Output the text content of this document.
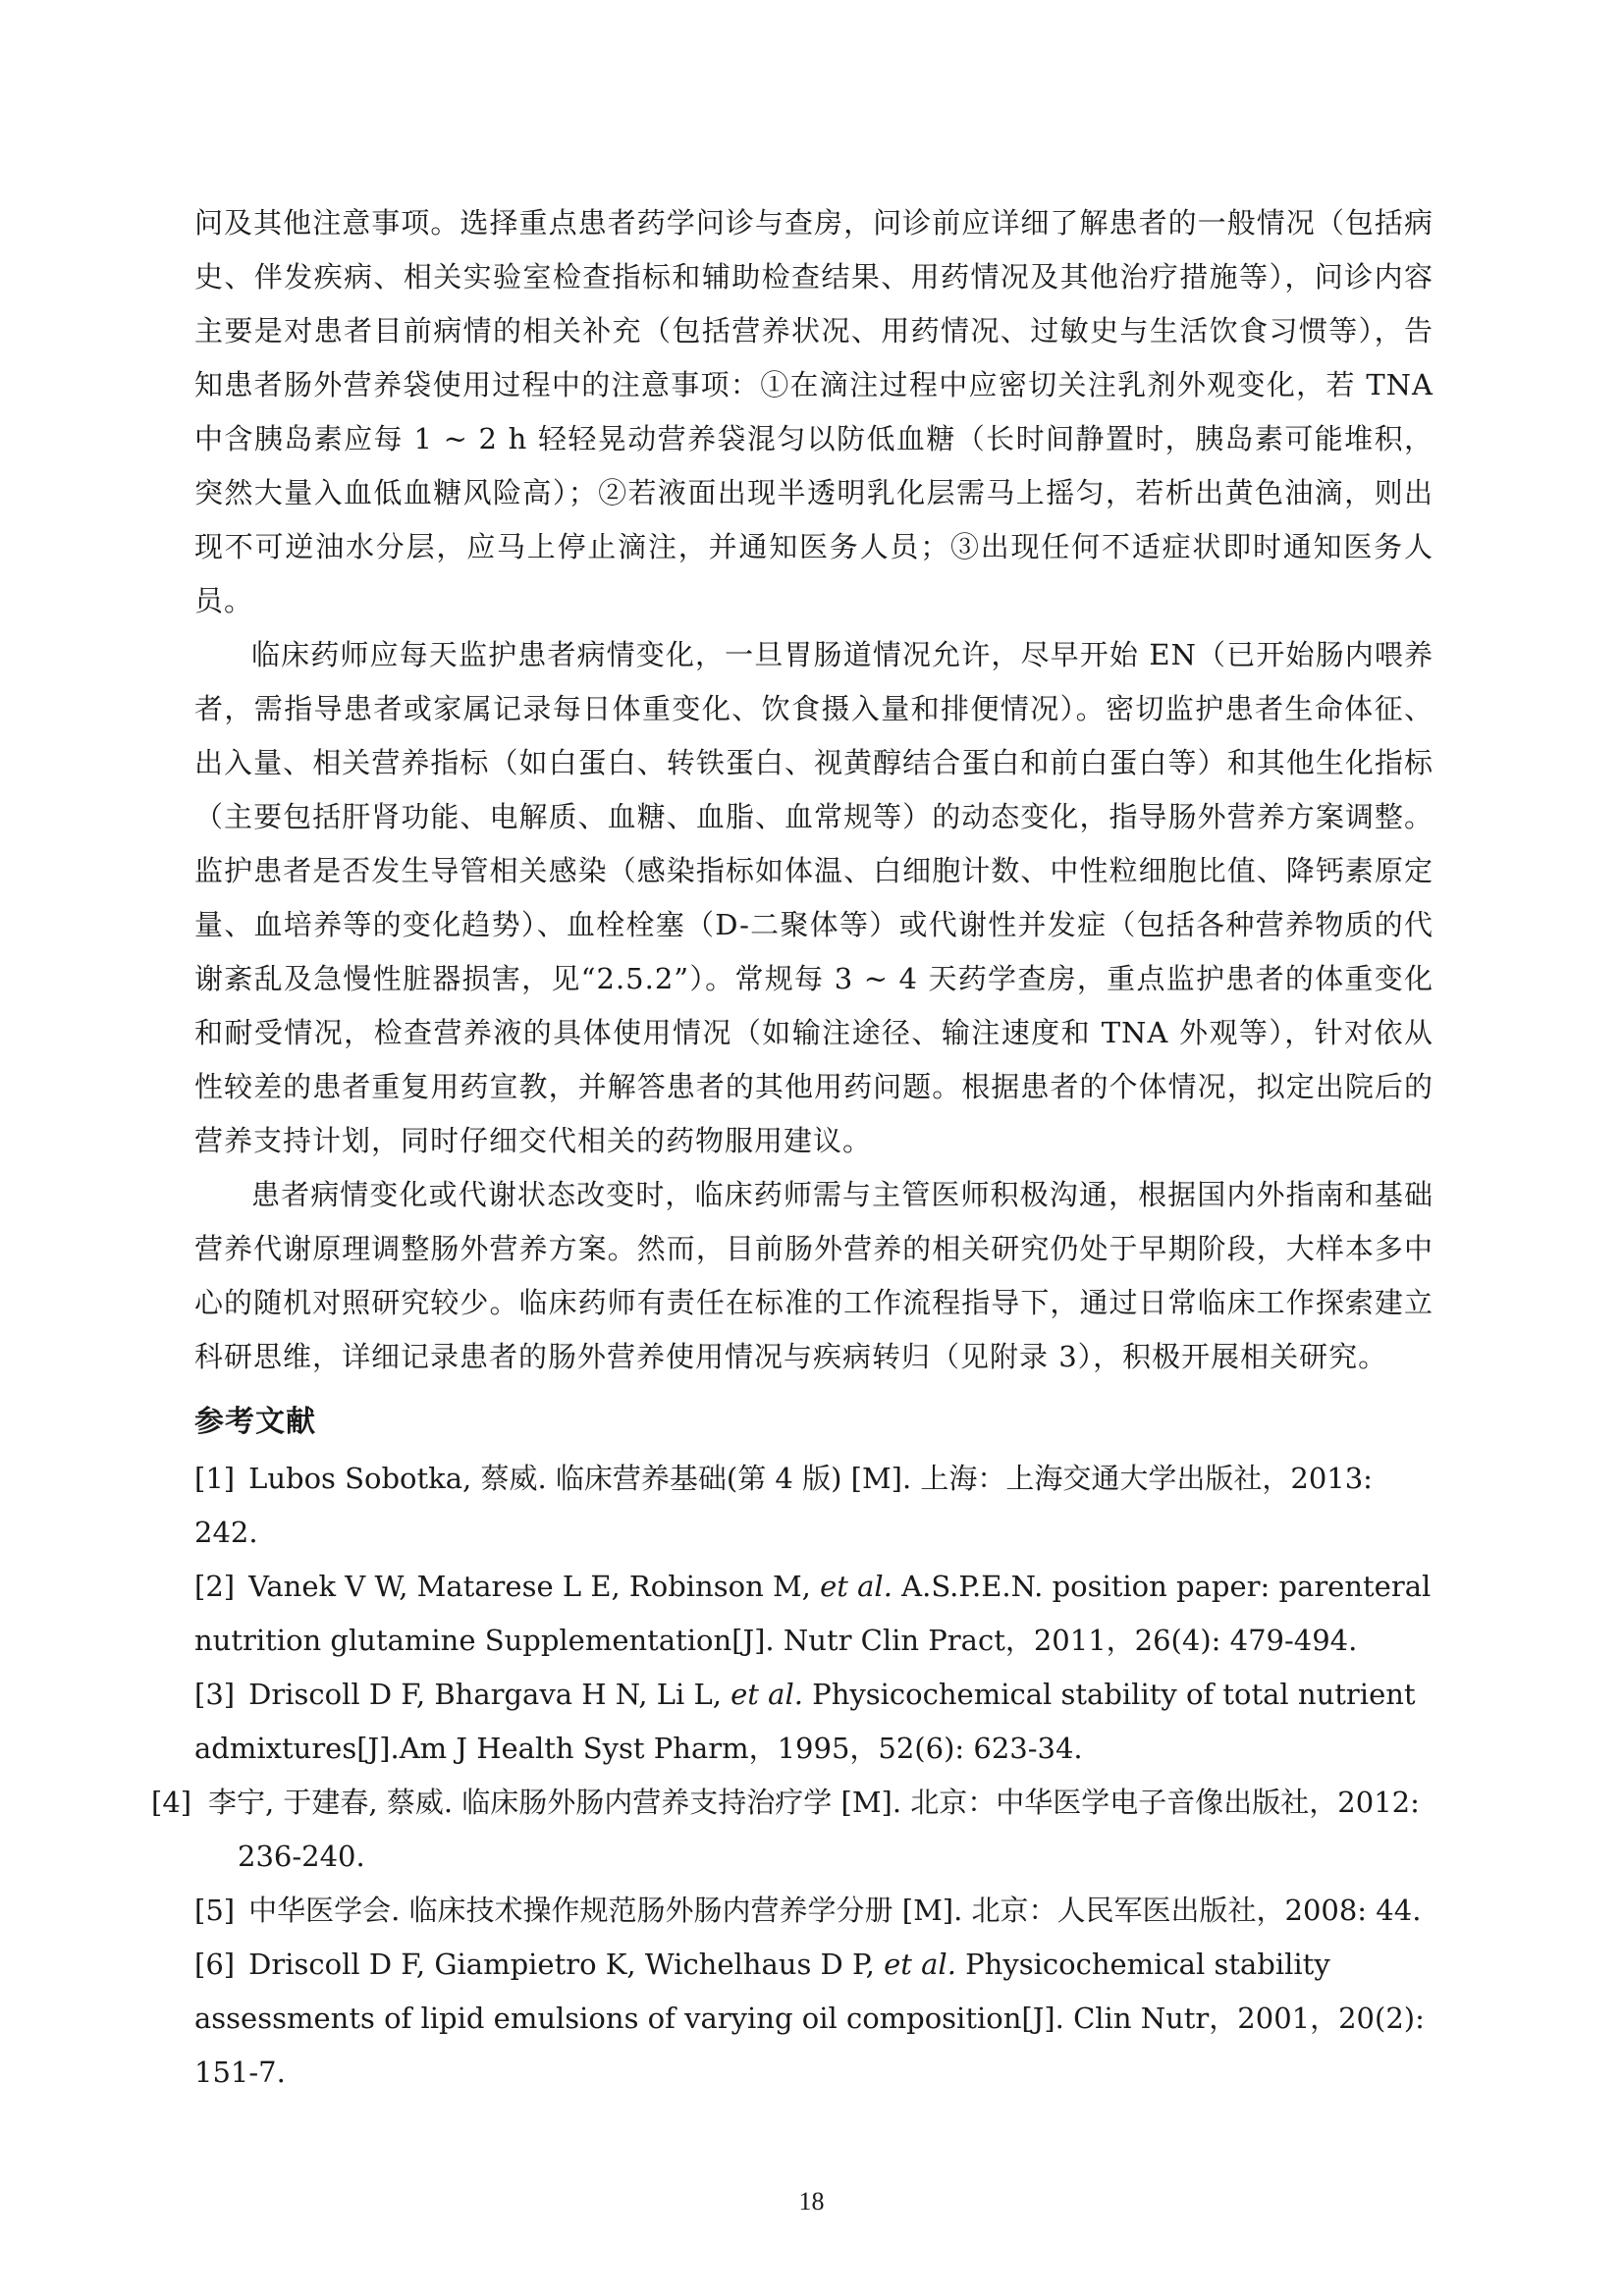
问及其他注意事项。选择重点患者药学问诊与查房，问诊前应详细了解患者的一般情况（包括病史、伴发疾病、相关实验室检查指标和辅助检查结果、用药情况及其他治疗措施等），问诊内容主要是对患者目前病情的相关补充（包括营养状况、用药情况、过敏史与生活饮食习惯等），告知患者肠外营养袋使用过程中的注意事项：①在滴注过程中应密切关注乳剂外观变化，若 TNA 中含胰岛素应每 1 ~ 2 h 轻轻晃动营养袋混匀以防低血糖（长时间静置时，胰岛素可能堆积，突然大量入血低血糖风险高）；②若液面出现半透明乳化层需马上摇匀，若析出黄色油滴，则出现不可逆油水分层，应马上停止滴注，并通知医务人员；③出现任何不适症状即时通知医务人员。

临床药师应每天监护患者病情变化，一旦胃肠道情况允许，尽早开始 EN（已开始肠内喂养者，需指导患者或家属记录每日体重变化、饮食摄入量和排便情况）。密切监护患者生命体征、出入量、相关营养指标（如白蛋白、转铁蛋白、视黄醇结合蛋白和前白蛋白等）和其他生化指标（主要包括肝肾功能、电解质、血糖、血脂、血常规等）的动态变化，指导肠外营养方案调整。监护患者是否发生导管相关感染（感染指标如体温、白细胞计数、中性粒细胞比值、降钙素原定量、血培养等的变化趋势）、血栓栓塞（D-二聚体等）或代谢性并发症（包括各种营养物质的代谢紊乱及急慢性脏器损害，见“2.5.2”）。常规每 3 ~ 4 天药学查房，重点监护患者的体重变化和耐受情况，检查营养液的具体使用情况（如输注途径、输注速度和 TNA 外观等），针对依从性较差的患者重复用药宣教，并解答患者的其他用药问题。根据患者的个体情况，拟定出院后的营养支持计划，同时仔细交代相关的药物服用建议。

患者病情变化或代谢状态改变时，临床药师需与主管医师积极沟通，根据国内外指南和基础营养代谢原理调整肠外营养方案。然而，目前肠外营养的相关研究仍处于早期阶段，大样本多中心的随机对照研究较少。临床药师有责任在标准的工作流程指导下，通过日常临床工作探索建立科研思维，详细记录患者的肠外营养使用情况与疾病转归（见附录 3），积极开展相关研究。

参考文献

[1] Lubos Sobotka, 蔡威. 临床营养基础(第 4 版) [M]. 上海：上海交通大学出版社，2013: 242.

[2] Vanek V W, Matarese L E, Robinson M, et al. A.S.P.E.N. position paper: parenteral nutrition glutamine Supplementation[J]. Nutr Clin Pract，2011，26(4): 479-494.

[3] Driscoll D F, Bhargava H N, Li L, et al. Physicochemical stability of total nutrient admixtures[J].Am J Health Syst Pharm，1995，52(6): 623-34.

[4] 李宁, 于建春, 蔡威. 临床肠外肠内营养支持治疗学 [M]. 北京：中华医学电子音像出版社，2012: 236-240.

[5] 中华医学会. 临床技术操作规范肠外肠内营养学分册 [M]. 北京：人民军医出版社，2008: 44.

[6] Driscoll D F, Giampietro K, Wichelhaus D P, et al. Physicochemical stability assessments of lipid emulsions of varying oil composition[J]. Clin Nutr，2001，20(2): 151-7.

18
